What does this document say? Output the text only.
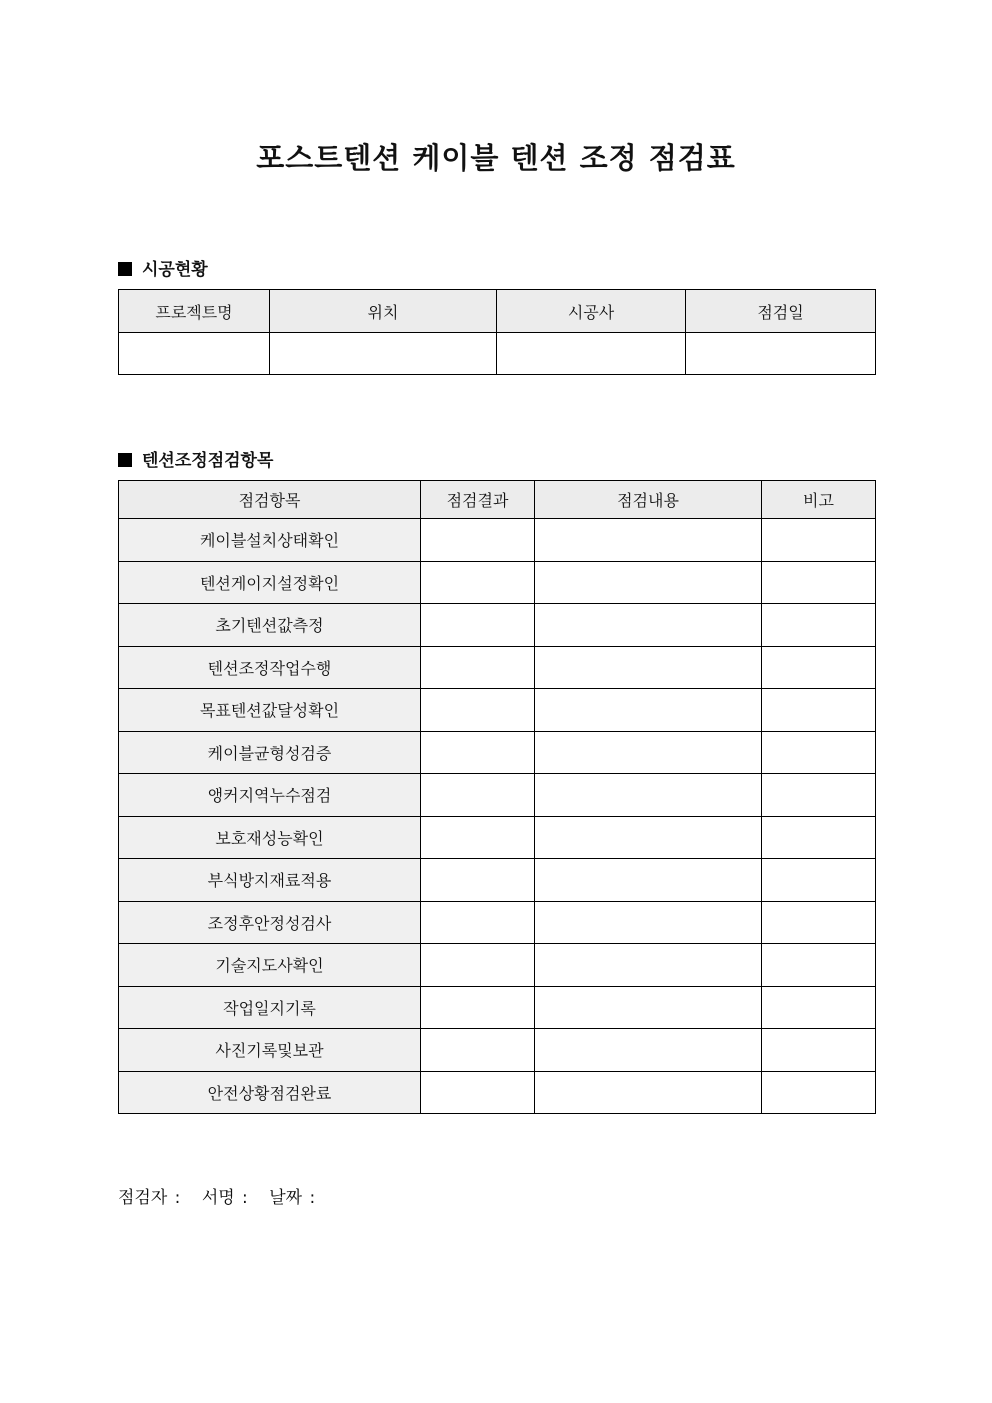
포스트텐션 케이블 텐션 조정 점검표
시공현황
프로젝트명	위치	시공사	점검일

텐션조정점검항목
점검항목	점검결과	점검내용	비고
케이블설치상태확인			
텐션게이지설정확인			
초기텐션값측정			
텐션조정작업수행			
목표텐션값달성확인			
케이블균형성검증			
앵커지역누수점검			
보호재성능확인			
부식방지재료적용			
조정후안정성검사			
기술지도사확인			
작업일지기록			
사진기록및보관			
안전상황점검완료			
점검자 : 서명 : 날짜 :
